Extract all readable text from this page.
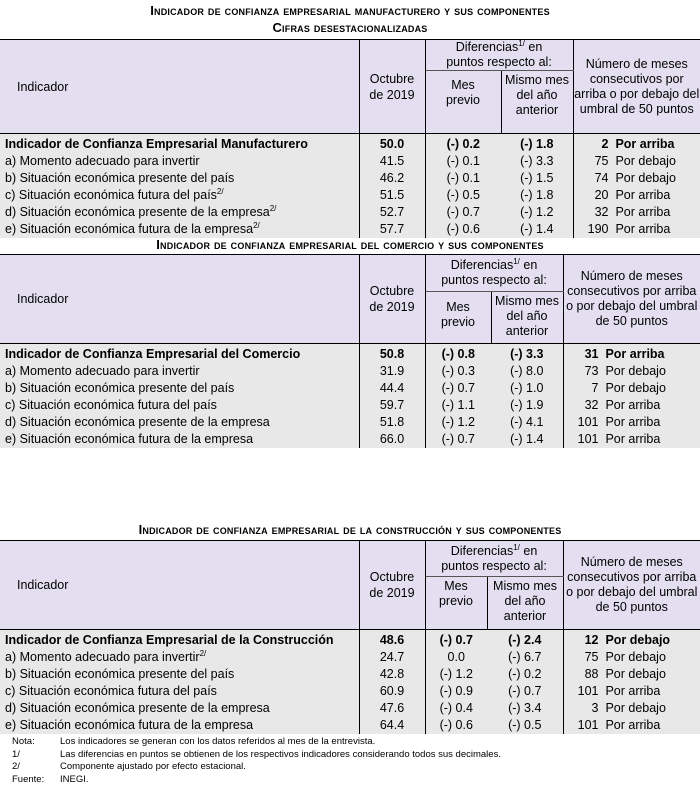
Indicador de confianza empresarial manufacturero y sus componentes
Cifras desestacionalizadas
Indicador	Octubre
de 2019	Diferencias$^{1/}$ en
puntos respecto al:		Número de meses consecutivos por arriba o por debajo del umbral de 50 puntos
		Mes
previo	Mismo mes
del año
anterior	
Indicador de Confianza Empresarial Manufacturero	50.0	(-) 0.2	(-) 1.8	2 Por arriba
a) Momento adecuado para invertir	41.5	(-) 0.1	(-) 3.3	75 Por debajo
b) Situación económica presente del país	46.2	(-) 0.1	(-) 1.5	74 Por debajo
c) Situación económica futura del país$^{2/}$	51.5	(-) 0.5	(-) 1.8	20 Por arriba
d) Situación económica presente de la empresa$^{2/}$	52.7	(-) 0.7	(-) 1.2	32 Por arriba
e) Situación económica futura de la empresa$^{2/}$	57.7	(-) 0.6	(-) 1.4	190 Por arriba
Indicador de confianza empresarial del comercio y sus componentes
Indicador	Octubre
de 2019	Diferencias$^{1/}$ en
puntos respecto al:		Número de meses consecutivos por arriba o por debajo del umbral de 50 puntos
		Mes
previo	Mismo mes
del año
anterior	
Indicador de Confianza Empresarial del Comercio	50.8	(-) 0.8	(-) 3.3	31 Por arriba
a) Momento adecuado para invertir	31.9	(-) 0.3	(-) 8.0	73 Por debajo
b) Situación económica presente del país	44.4	(-) 0.7	(-) 1.0	7 Por debajo
c) Situación económica futura del país	59.7	(-) 1.1	(-) 1.9	32 Por arriba
d) Situación económica presente de la empresa	51.8	(-) 1.2	(-) 4.1	101 Por arriba
e) Situación económica futura de la empresa	66.0	(-) 0.7	(-) 1.4	101 Por arriba
Indicador de confianza empresarial de la construcción y sus componentes
Indicador	Octubre
de 2019	Diferencias$^{1/}$ en
puntos respecto al:		Número de meses consecutivos por arriba o por debajo del umbral de 50 puntos
		Mes
previo	Mismo mes
del año
anterior	
Indicador de Confianza Empresarial de la Construcción	48.6	(-) 0.7	(-) 2.4	12 Por debajo
a) Momento adecuado para invertir$^{2/}$	24.7	0.0	(-) 6.7	75 Por debajo
b) Situación económica presente del país	42.8	(-) 1.2	(-) 0.2	88 Por debajo
c) Situación económica futura del país	60.9	(-) 0.9	(-) 0.7	101 Por arriba
d) Situación económica presente de la empresa	47.6	(-) 0.4	(-) 3.4	3 Por debajo
e) Situación económica futura de la empresa	64.4	(-) 0.6	(-) 0.5	101 Por arriba
Nota:	Los indicadores se generan con los datos referidos al mes de la entrevista.
1/	Las diferencias en puntos se obtienen de los respectivos indicadores considerando todos sus decimales.
2/	Componente ajustado por efecto estacional.
Fuente: INEGI.
